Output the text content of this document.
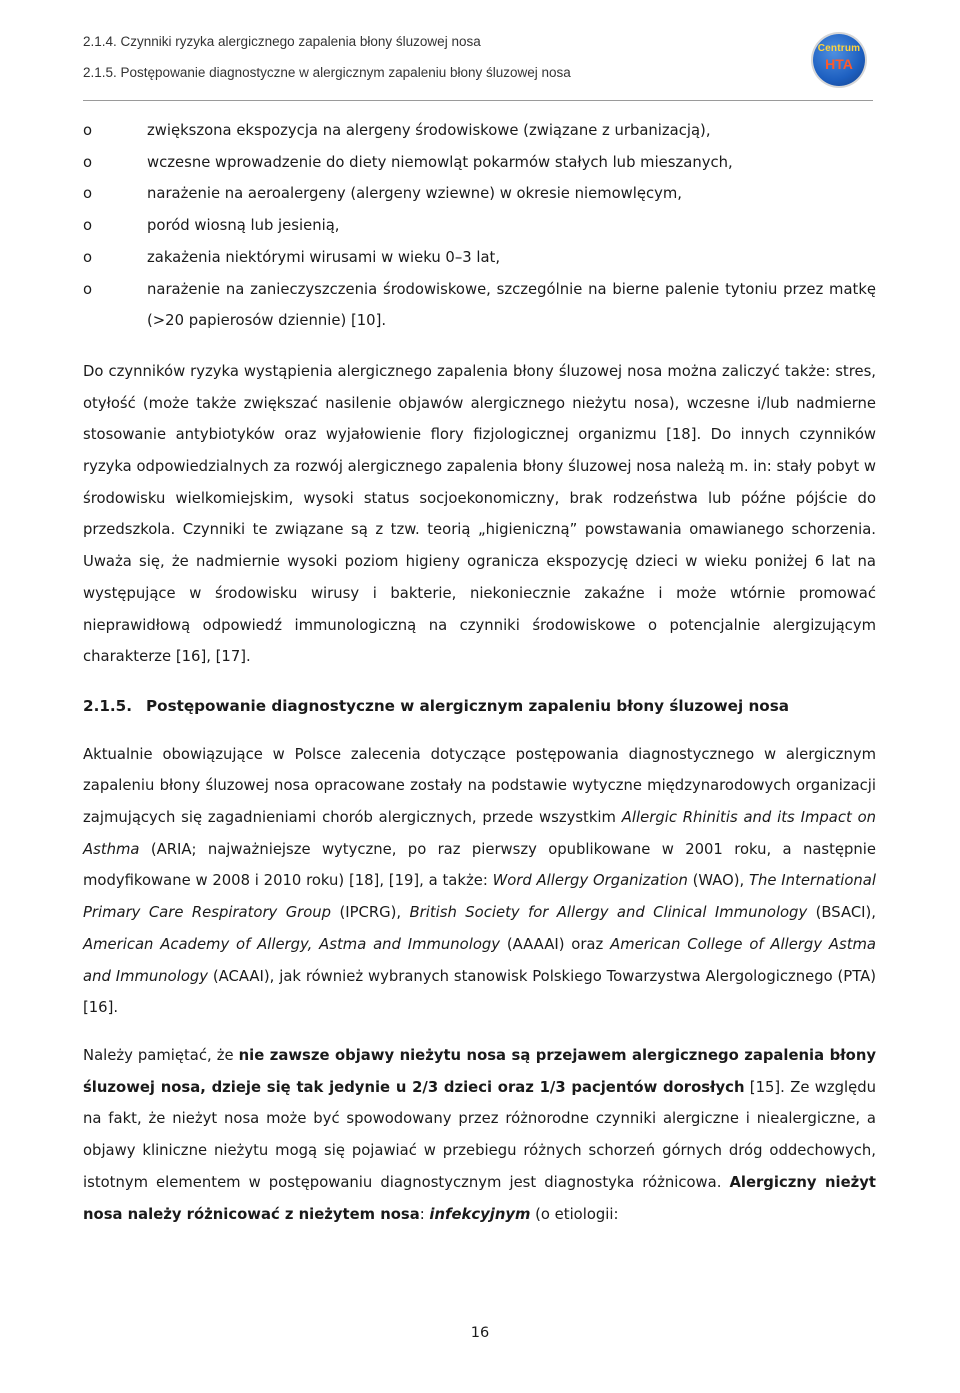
2.1.4. Czynniki ryzyka alergicznego zapalenia błony śluzowej nosa
2.1.5. Postępowanie diagnostyczne w alergicznym zapaleniu błony śluzowej nosa
Centrum
HTA
o	zwiększona ekspozycja na alergeny środowiskowe (związane z urbanizacją),
o	wczesne wprowadzenie do diety niemowląt pokarmów stałych lub mieszanych,
o	narażenie na aeroalergeny (alergeny wziewne) w okresie niemowlęcym,
o	poród wiosną lub jesienią,
o	zakażenia niektórymi wirusami w wieku 0–3 lat,
o	narażenie na zanieczyszczenia środowiskowe, szczególnie na bierne palenie tytoniu przez matkę (>20 papierosów dziennie) [10].

Do czynników ryzyka wystąpienia alergicznego zapalenia błony śluzowej nosa można zaliczyć także: stres, otyłość (może także zwiększać nasilenie objawów alergicznego nieżytu nosa), wczesne i/lub nadmierne stosowanie antybiotyków oraz wyjałowienie flory fizjologicznej organizmu [18]. Do innych czynników ryzyka odpowiedzialnych za rozwój alergicznego zapalenia błony śluzowej nosa należą m. in: stały pobyt w środowisku wielkomiejskim, wysoki status socjoekonomiczny, brak rodzeństwa lub późne pójście do przedszkola. Czynniki te związane są z tzw. teorią „higieniczną” powstawania omawianego schorzenia. Uważa się, że nadmiernie wysoki poziom higieny ogranicza ekspozycję dzieci w wieku poniżej 6 lat na występujące w środowisku wirusy i bakterie, niekoniecznie zakaźne i może wtórnie promować nieprawidłową odpowiedź immunologiczną na czynniki środowiskowe o potencjalnie alergizującym charakterze [16], [17].

2.1.5. Postępowanie diagnostyczne w alergicznym zapaleniu błony śluzowej nosa

Aktualnie obowiązujące w Polsce zalecenia dotyczące postępowania diagnostycznego w alergicznym zapaleniu błony śluzowej nosa opracowane zostały na podstawie wytyczne międzynarodowych organizacji zajmujących się zagadnieniami chorób alergicznych, przede wszystkim Allergic Rhinitis and its Impact on Asthma (ARIA; najważniejsze wytyczne, po raz pierwszy opublikowane w 2001 roku, a następnie modyfikowane w 2008 i 2010 roku) [18], [19], a także: Word Allergy Organization (WAO), The International Primary Care Respiratory Group (IPCRG), British Society for Allergy and Clinical Immunology (BSACI), American Academy of Allergy, Astma and Immunology (AAAAI) oraz American College of Allergy Astma and Immunology (ACAAI), jak również wybranych stanowisk Polskiego Towarzystwa Alergologicznego (PTA) [16].

Należy pamiętać, że nie zawsze objawy nieżytu nosa są przejawem alergicznego zapalenia błony śluzowej nosa, dzieje się tak jedynie u 2/3 dzieci oraz 1/3 pacjentów dorosłych [15]. Ze względu na fakt, że nieżyt nosa może być spowodowany przez różnorodne czynniki alergiczne i niealergiczne, a objawy kliniczne nieżytu mogą się pojawiać w przebiegu różnych schorzeń górnych dróg oddechowych, istotnym elementem w postępowaniu diagnostycznym jest diagnostyka różnicowa. Alergiczny nieżyt nosa należy różnicować z nieżytem nosa: infekcyjnym (o etiologii:

16
